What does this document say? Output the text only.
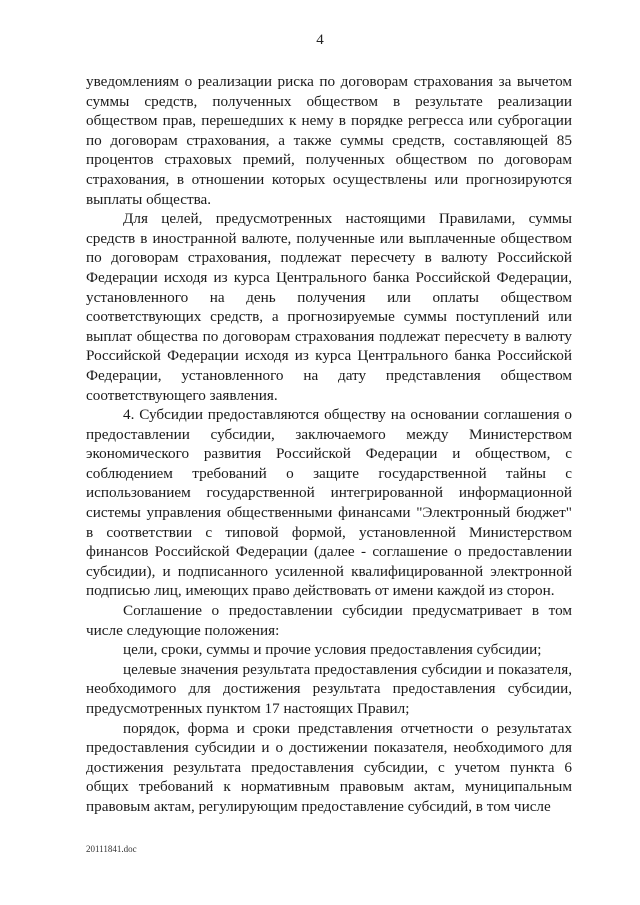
4

уведомлениям о реализации риска по договорам страхования за вычетом суммы средств, полученных обществом в результате реализации обществом прав, перешедших к нему в порядке регресса или суброгации по договорам страхования, а также суммы средств, составляющей 85 процентов страховых премий, полученных обществом по договорам страхования, в отношении которых осуществлены или прогнозируются выплаты общества.

Для целей, предусмотренных настоящими Правилами, суммы средств в иностранной валюте, полученные или выплаченные обществом по договорам страхования, подлежат пересчету в валюту Российской Федерации исходя из курса Центрального банка Российской Федерации, установленного на день получения или оплаты обществом соответствующих средств, а прогнозируемые суммы поступлений или выплат общества по договорам страхования подлежат пересчету в валюту Российской Федерации исходя из курса Центрального банка Российской Федерации, установленного на дату представления обществом соответствующего заявления.

4. Субсидии предоставляются обществу на основании соглашения о предоставлении субсидии, заключаемого между Министерством экономического развития Российской Федерации и обществом, с соблюдением требований о защите государственной тайны с использованием государственной интегрированной информационной системы управления общественными финансами "Электронный бюджет" в соответствии с типовой формой, установленной Министерством финансов Российской Федерации (далее - соглашение о предоставлении субсидии), и подписанного усиленной квалифицированной электронной подписью лиц, имеющих право действовать от имени каждой из сторон.

Соглашение о предоставлении субсидии предусматривает в том числе следующие положения:

цели, сроки, суммы и прочие условия предоставления субсидии;

целевые значения результата предоставления субсидии и показателя, необходимого для достижения результата предоставления субсидии, предусмотренных пунктом 17 настоящих Правил;

порядок, форма и сроки представления отчетности о результатах предоставления субсидии и о достижении показателя, необходимого для достижения результата предоставления субсидии, с учетом пункта 6 общих требований к нормативным правовым актам, муниципальным правовым актам, регулирующим предоставление субсидий, в том числе

20111841.doc
